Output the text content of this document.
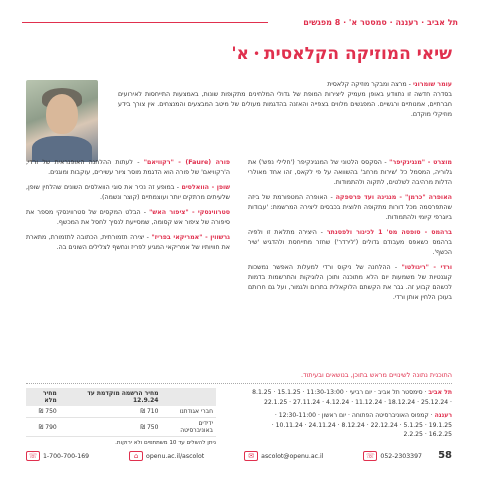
תל אביב · רעננה · סמסטר א' · 8 מפגשים
שיאי המוזיקה הקלאסית
•
א'
עומר שומרוני - מרצה ומבקר מוזיקה קלאסית
בסדרה חדשה זו נתוודע באופן מעמיק ליצירות המופת של גדולי המלחינים מתקופות שונות, באמצעות התייחסות לאירועים חברתיים, אמנותיים ורגשיים. המפגשים מלווים בצפייה והאזנה בהדגמות מעולים של מיטב המבצעים והמנצחים. אין צורך בידע מוזיקלי מוקדם.

מוצרט - "מנגינקיפר" - הסקסס הלטוני של המנגינקיפר ('חלילי נפש') את גלוריה, המסמל כל 'שירות מרחב' בהשוואה על פי לקאס, זהו אחד מאולרי הדלות מרהיבה לשלטים, לתקוה ולהתמודות.

האופרה "כרמן" - מנגינה ועד פרספקה - האופרה המטפורמת של ביזה שהתפרסמה מכל דורות מתקופה חלוצית בכבסים ליצירה המרשמת: 'עבודות ביוגרפי קיומי ולהתמודות.

ברהמס - סופסה מס' 1 לכינור ולפסנתר - היצירה מתלאת זו ולפיה ברהמס כשאפס מעבודם גדולים ('לירדר') שחזר מתייחסת ולהדגיש 'שיר הכשף'.

ורדי - "ריגולטו" - ההלחנה של ניקוס ורדי למעלות האפשר נמשכות קוגנטיות של משמעות יום הלא מתוכנה ותוכן הלוגיקות והתרשמות בדמות לכשהם קבוע זה. גבר את הקשתם הלוקאלית בתרום ולגמור, ועל גם חרותם בעוכן הלחין אותן ורדי.

פורה (Faure) - "רקוויאם" - לעתות ההלחנה האופנראית של ורדי, ה'רקוויאם' של פורה הוא הדגמת מוסר ציור עשירים, עוקבות ומוגנים.

שופן - הוואלסים - במופע זה נכיר את סוגי הוואלסים השונים שהלחין שופן, שלעיתים מרתקים יותר ועוצמתיים (קוצר ונשמה).

סטרווינסקי - "ציפור האש" - הבלט המקסים של סטרווינסקי מספר את סיפורה של ציפור אש קסומה, שמסייעת לנסיך לחסל את המכשף.

גרשווין - "אמריקאי בפריז" - יצירה תזמורתית, הכתובה לתזמורת, מתארת את חוויותיו של אמריקאי המגיע לפריז ונחשף לצלילים השונים בה.

התוכנית נתונה לשינויים מראש בתוכן, בנושאים ובעיתוד.

תל אביב · סימסטר תל אביב · יום רביעי · 11:30-13:00 · 15.1.25 · 8.1.25 · 25.12.24 · 18.12.24 · 11.12.24 · 4.12.24 · 27.11.24 · 22.1.25

רעננה · קמפוס האוניברסיטה הפתוחה · יום ראשון · 12:30-11:00 · 19.1.25 · 5.1.25 · 22.12.24 · 8.12.24 · 24.11.24 · 10.11.24 · 16.2.25 · 2.2.25

	מחיר הרשמה מוקדמת עד 12.9.24	מחיר מלא
חברי אגודתנו	710 ₪	750 ₪
ידידים באוניברסיטה	750 ₪	790 ₪
ניתן להשלים עד 10 משתתפים ולא ירוקות.
☏ 052-2303397
✉	ascolot@openu.ac.il
⌂	openu.ac.il/ascolot
☏ 1-700-700-169	58
